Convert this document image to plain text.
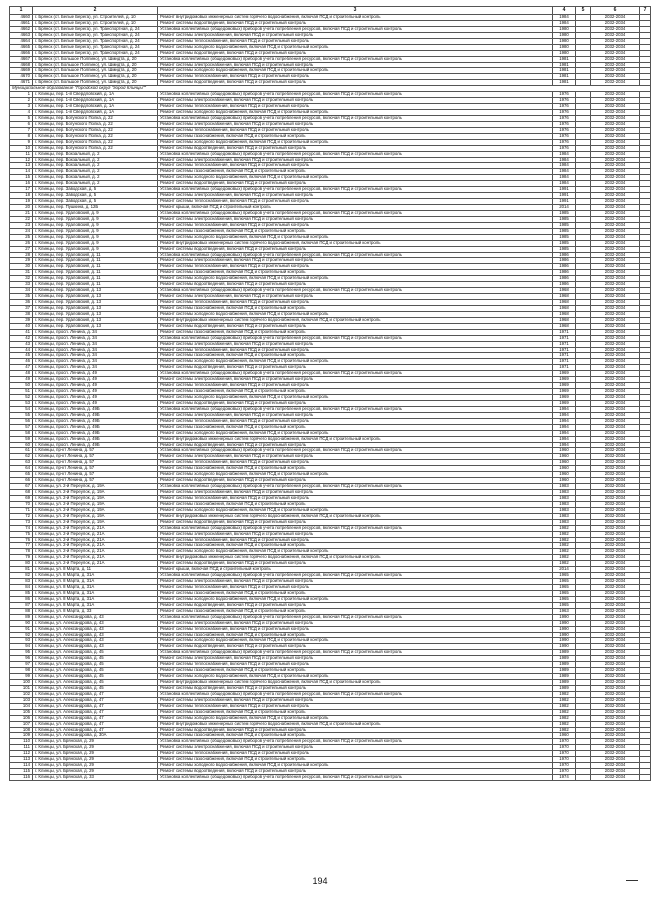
1	2	3	4	5	6	7
4660	г. Брянск (ст. Белые Берега), ул. Строителей, д. 10	Ремонт внутридомовых инженерных систем горячего водоснабжения, включая ПСД и строительный контроль	1984		2032-2034	
4661	г. Брянск (ст. Белые Берега), ул. Строителей, д. 10	Ремонт системы водоотведения, включая ПСД и строительный контроль	1984		2032-2034	
4662	г. Брянск (ст. Белые Берега), ул. Транспортная, д. 24	Установка коллективных (общедомовых) приборов учета потребления ресурсов, включая ПСД и строительный контроль	1980		2032-2034	
4663	г. Брянск (ст. Белые Берега), ул. Транспортная, д. 24	Ремонт системы электроснабжения, включая ПСД и строительный контроль	1980		2032-2034	
4664	г. Брянск (ст. Белые Берега), ул. Транспортная, д. 24	Ремонт системы теплоснабжения, включая ПСД и строительный контроль	1980		2032-2034	
4665	г. Брянск (ст. Белые Берега), ул. Транспортная, д. 24	Ремонт системы холодного водоснабжения, включая ПСД и строительный контроль	1980		2032-2034	
4666	г. Брянск (ст. Белые Берега), ул. Транспортная, д. 24	Ремонт системы водоотведения, включая ПСД и строительный контроль	1980		2032-2034	
4667	г. Брянск (ст. Большое Полпино), ул. Шмидта, д. 20	Установка коллективных (общедомовых) приборов учета потребления ресурсов, включая ПСД и строительный контроль	1981		2032-2034	
4668	г. Брянск (ст. Большое Полпино), ул. Шмидта, д. 20	Ремонт системы электроснабжения, включая ПСД и строительный контроль	1981		2032-2034	
4669	г. Брянск (ст. Большое Полпино), ул. Шмидта, д. 20	Ремонт системы холодного водоснабжения, включая ПСД и строительный контроль	1981		2032-2034	
4670	г. Брянск (ст. Большое Полпино), ул. Шмидта, д. 20	Ремонт системы теплоснабжения, включая ПСД и строительный контроль	1981		2032-2034	
4671	г. Брянск (ст. Большое Полпино), ул. Шмидта, д. 20	Ремонт системы водоотведения, включая ПСД и строительный контроль	1981		2032-2034	
Муниципальное образование "Городской округ "город Клинцы""						
1	г. Клинцы, пер. 1-й Свердловский, д. 1А	Установка коллективных (общедомовых) приборов учета потребления ресурсов, включая ПСД и строительный контроль	1976		2032-2034	
2	г. Клинцы, пер. 1-й Свердловский, д. 1А	Ремонт системы электроснабжения, включая ПСД и строительный контроль	1976		2032-2034	
3	г. Клинцы, пер. 1-й Свердловский, д. 1А	Ремонт системы теплоснабжения, включая ПСД и строительный контроль	1976		2032-2034	
4	г. Клинцы, пер. 1-й Свердловский, д. 1А	Ремонт системы холодного водоснабжения, включая ПСД и строительный контроль	1976		2032-2034	
5	г. Клинцы, пер. Богунского Полка, д. 22	Установка коллективных (общедомовых) приборов учета потребления ресурсов, включая ПСД и строительный контроль	1976		2032-2034	
6	г. Клинцы, пер. Богунского Полка, д. 22	Ремонт системы электроснабжения, включая ПСД и строительный контроль	1976		2032-2034	
7	г. Клинцы, пер. Богунского Полка, д. 22	Ремонт системы теплоснабжения, включая ПСД и строительный контроль	1976		2032-2034	
8	г. Клинцы, пер. Богунского Полка, д. 22	Ремонт системы газоснабжения, включая ПСД и строительный контроль	1976		2032-2034	
9	г. Клинцы, пер. Богунского Полка, д. 22	Ремонт системы холодного водоснабжения, включая ПСД и строительный контроль	1976		2032-2034	
10	г. Клинцы, пер. Богунского Полка, д. 22	Ремонт системы водоотведения, включая ПСД и строительный контроль	1976		2032-2034	
11	г. Клинцы, пер. Вокзальный, д. 2	Установка коллективных (общедомовых) приборов учета потребления ресурсов, включая ПСД и строительный контроль	1984		2032-2034	
12	г. Клинцы, пер. Вокзальный, д. 2	Ремонт системы электроснабжения, включая ПСД и строительный контроль	1984		2032-2034	
13	г. Клинцы, пер. Вокзальный, д. 2	Ремонт системы теплоснабжения, включая ПСД и строительный контроль	1984		2032-2034	
14	г. Клинцы, пер. Вокзальный, д. 2	Ремонт системы газоснабжения, включая ПСД и строительный контроль	1984		2032-2034	
15	г. Клинцы, пер. Вокзальный, д. 2	Ремонт системы холодного водоснабжения, включая ПСД и строительный контроль	1984		2032-2034	
16	г. Клинцы, пер. Вокзальный, д. 2	Ремонт системы водоотведения, включая ПСД и строительный контроль	1984		2032-2034	
17	г. Клинцы, пер. Заводская, д. 5	Установка коллективных (общедомовых) приборов учета потребления ресурсов, включая ПСД и строительный контроль	1991		2032-2034	
18	г. Клинцы, пер. Заводская, д. 5	Ремонт системы электроснабжения, включая ПСД и строительный контроль	1991		2032-2034	
19	г. Клинцы, пер. Заводская, д. 5	Ремонт системы теплоснабжения, включая ПСД и строительный контроль	1991		2032-2034	
20	г. Клинцы, пер. Пушкина, д. 12Б	Ремонт крыши, включая ПСД и строительный контроль	2014		2032-2034	
21	г. Клинцы, пер. Удаловский, д. 9	Установка коллективных (общедомовых) приборов учета потребления ресурсов, включая ПСД и строительный контроль	1985		2032-2034	
22	г. Клинцы, пер. Удаловский, д. 9	Ремонт системы электроснабжения, включая ПСД и строительный контроль	1985		2032-2034	
23	г. Клинцы, пер. Удаловский, д. 9	Ремонт системы теплоснабжения, включая ПСД и строительный контроль	1985		2032-2034	
24	г. Клинцы, пер. Удаловский, д. 9	Ремонт системы газоснабжения, включая ПСД и строительный контроль	1985		2032-2034	
25	г. Клинцы, пер. Удаловский, д. 9	Ремонт системы холодного водоснабжения, включая ПСД и строительный контроль	1985		2032-2034	
26	г. Клинцы, пер. Удаловский, д. 9	Ремонт внутридомовых инженерных систем горячего водоснабжения, включая ПСД и строительный контроль	1985		2032-2034	
27	г. Клинцы, пер. Удаловский, д. 9	Ремонт системы водоотведения, включая ПСД и строительный контроль	1985		2032-2034	
28	г. Клинцы, пер. Удаловский, д. 11	Установка коллективных (общедомовых) приборов учета потребления ресурсов, включая ПСД и строительный контроль	1986		2032-2034	
29	г. Клинцы, пер. Удаловский, д. 11	Ремонт системы электроснабжения, включая ПСД и строительный контроль	1986		2032-2034	
30	г. Клинцы, пер. Удаловский, д. 11	Ремонт системы теплоснабжения, включая ПСД и строительный контроль	1986		2032-2034	
31	г. Клинцы, пер. Удаловский, д. 11	Ремонт системы газоснабжения, включая ПСД и строительный контроль	1986		2032-2034	
32	г. Клинцы, пер. Удаловский, д. 11	Ремонт системы холодного водоснабжения, включая ПСД и строительный контроль	1986		2032-2034	
33	г. Клинцы, пер. Удаловский, д. 11	Ремонт системы водоотведения, включая ПСД и строительный контроль	1986		2032-2034	
34	г. Клинцы, пер. Удаловский, д. 13	Установка коллективных (общедомовых) приборов учета потребления ресурсов, включая ПСД и строительный контроль	1968		2032-2034	
35	г. Клинцы, пер. Удаловский, д. 13	Ремонт системы электроснабжения, включая ПСД и строительный контроль	1968		2032-2034	
36	г. Клинцы, пер. Удаловский, д. 13	Ремонт системы теплоснабжения, включая ПСД и строительный контроль	1968		2032-2034	
37	г. Клинцы, пер. Удаловский, д. 13	Ремонт системы газоснабжения, включая ПСД и строительный контроль	1968		2032-2034	
38	г. Клинцы, пер. Удаловский, д. 13	Ремонт системы холодного водоснабжения, включая ПСД и строительный контроль	1968		2032-2034	
39	г. Клинцы, пер. Удаловский, д. 13	Ремонт внутридомовых инженерных систем горячего водоснабжения, включая ПСД и строительный контроль	1968		2032-2034	
40	г. Клинцы, пер. Удаловский, д. 13	Ремонт системы водоотведения, включая ПСД и строительный контроль	1968		2032-2034	
41	г. Клинцы, просп. Ленина, д. 34	Ремонт системы газоснабжения, включая ПСД и строительный контроль	1971		2032-2034	
42	г. Клинцы, просп. Ленина, д. 34	Установка коллективных (общедомовых) приборов учета потребления ресурсов, включая ПСД и строительный контроль	1971		2032-2034	
43	г. Клинцы, просп. Ленина, д. 34	Ремонт системы электроснабжения, включая ПСД и строительный контроль	1971		2032-2034	
44	г. Клинцы, просп. Ленина, д. 34	Ремонт системы теплоснабжения, включая ПСД и строительный контроль	1971		2032-2034	
45	г. Клинцы, просп. Ленина, д. 34	Ремонт системы газоснабжения, включая ПСД и строительный контроль	1971		2032-2034	
46	г. Клинцы, просп. Ленина, д. 34	Ремонт системы холодного водоснабжения, включая ПСД и строительный контроль	1971		2032-2034	
47	г. Клинцы, просп. Ленина, д. 34	Ремонт системы водоотведения, включая ПСД и строительный контроль	1971		2032-2034	
48	г. Клинцы, просп. Ленина, д. 49	Установка коллективных (общедомовых) приборов учета потребления ресурсов, включая ПСД и строительный контроль	1969		2032-2034	
49	г. Клинцы, просп. Ленина, д. 49	Ремонт системы электроснабжения, включая ПСД и строительный контроль	1969		2032-2034	
50	г. Клинцы, просп. Ленина, д. 49	Ремонт системы теплоснабжения, включая ПСД и строительный контроль	1969		2032-2034	
51	г. Клинцы, просп. Ленина, д. 49	Ремонт системы газоснабжения, включая ПСД и строительный контроль	1969		2032-2034	
52	г. Клинцы, просп. Ленина, д. 49	Ремонт системы холодного водоснабжения, включая ПСД и строительный контроль	1969		2032-2034	
53	г. Клинцы, просп. Ленина, д. 49	Ремонт системы водоотведения, включая ПСД и строительный контроль	1969		2032-2034	
54	г. Клинцы, просп. Ленина, д. 49Б	Установка коллективных (общедомовых) приборов учета потребления ресурсов, включая ПСД и строительный контроль	1994		2032-2034	
55	г. Клинцы, просп. Ленина, д. 49Б	Ремонт системы электроснабжения, включая ПСД и строительный контроль	1994		2032-2034	
56	г. Клинцы, просп. Ленина, д. 49Б	Ремонт системы теплоснабжения, включая ПСД и строительный контроль	1994		2032-2034	
57	г. Клинцы, просп. Ленина, д. 49Б	Ремонт системы газоснабжения, включая ПСД и строительный контроль	1994		2032-2034	
58	г. Клинцы, просп. Ленина, д. 49Б	Ремонт системы холодного водоснабжения, включая ПСД и строительный контроль	1994		2032-2034	
59	г. Клинцы, просп. Ленина, д. 49Б	Ремонт внутридомовых инженерных систем горячего водоснабжения, включая ПСД и строительный контроль	1994		2032-2034	
60	г. Клинцы, просп. Ленина, д. 49Б	Ремонт системы водоотведения, включая ПСД и строительный контроль	1994		2032-2034	
61	г. Клинцы, пр-кт Ленина, д. 57	Установка коллективных (общедомовых) приборов учета потребления ресурсов, включая ПСД и строительный контроль	1960		2032-2034	
62	г. Клинцы, пр-кт Ленина, д. 57	Ремонт системы электроснабжения, включая ПСД и строительный контроль	1960		2032-2034	
63	г. Клинцы, пр-кт Ленина, д. 57	Ремонт системы теплоснабжения, включая ПСД и строительный контроль	1960		2032-2034	
64	г. Клинцы, пр-кт Ленина, д. 57	Ремонт системы газоснабжения, включая ПСД и строительный контроль	1960		2032-2034	
65	г. Клинцы, пр-кт Ленина, д. 57	Ремонт системы холодного водоснабжения, включая ПСД и строительный контроль	1960		2032-2034	
66	г. Клинцы, пр-кт Ленина, д. 57	Ремонт системы водоотведения, включая ПСД и строительный контроль	1960		2032-2034	
67	г. Клинцы, ул. 2-й Переулок, д. 19А	Установка коллективных (общедомовых) приборов учета потребления ресурсов, включая ПСД и строительный контроль	1983		2032-2034	
68	г. Клинцы, ул. 2-й Переулок, д. 19А	Ремонт системы электроснабжения, включая ПСД и строительный контроль	1983		2032-2034	
69	г. Клинцы, ул. 2-й Переулок, д. 19А	Ремонт системы теплоснабжения, включая ПСД и строительный контроль	1983		2032-2034	
70	г. Клинцы, ул. 2-й Переулок, д. 19А	Ремонт системы газоснабжения, включая ПСД и строительный контроль	1983		2032-2034	
71	г. Клинцы, ул. 2-й Переулок, д. 19А	Ремонт системы холодного водоснабжения, включая ПСД и строительный контроль	1983		2032-2034	
72	г. Клинцы, ул. 2-й Переулок, д. 19А	Ремонт внутридомовых инженерных систем горячего водоснабжения, включая ПСД и строительный контроль	1983		2032-2034	
73	г. Клинцы, ул. 2-й Переулок, д. 19А	Ремонт системы водоотведения, включая ПСД и строительный контроль	1983		2032-2034	
74	г. Клинцы, ул. 2-й Переулок, д. 21А	Установка коллективных (общедомовых) приборов учета потребления ресурсов, включая ПСД и строительный контроль	1982		2032-2034	
75	г. Клинцы, ул. 2-й Переулок, д. 21А	Ремонт системы электроснабжения, включая ПСД и строительный контроль	1982		2032-2034	
76	г. Клинцы, ул. 2-й Переулок, д. 21А	Ремонт системы теплоснабжения, включая ПСД и строительный контроль	1982		2032-2034	
77	г. Клинцы, ул. 2-й Переулок, д. 21А	Ремонт системы газоснабжения, включая ПСД и строительный контроль	1982		2032-2034	
78	г. Клинцы, ул. 2-й Переулок, д. 21А	Ремонт системы холодного водоснабжения, включая ПСД и строительный контроль	1982		2032-2034	
79	г. Клинцы, ул. 2-й Переулок, д. 21А	Ремонт внутридомовых инженерных систем горячего водоснабжения, включая ПСД и строительный контроль	1982		2032-2034	
80	г. Клинцы, ул. 2-й Переулок, д. 21А	Ремонт системы водоотведения, включая ПСД и строительный контроль	1982		2032-2034	
81	г. Клинцы, ул. 8 Марта, д. 11	Ремонт крыши, включая ПСД и строительный контроль	2014		2032-2034	
82	г. Клинцы, ул. 8 Марта, д. 31А	Установка коллективных (общедомовых) приборов учета потребления ресурсов, включая ПСД и строительный контроль	1965		2032-2034	
83	г. Клинцы, ул. 8 Марта, д. 31А	Ремонт системы электроснабжения, включая ПСД и строительный контроль	1965		2032-2034	
84	г. Клинцы, ул. 8 Марта, д. 31А	Ремонт системы теплоснабжения, включая ПСД и строительный контроль	1965		2032-2034	
85	г. Клинцы, ул. 8 Марта, д. 31А	Ремонт системы газоснабжения, включая ПСД и строительный контроль	1965		2032-2034	
86	г. Клинцы, ул. 8 Марта, д. 31А	Ремонт системы холодного водоснабжения, включая ПСД и строительный контроль	1965		2032-2034	
87	г. Клинцы, ул. 8 Марта, д. 31А	Ремонт системы водоотведения, включая ПСД и строительный контроль	1965		2032-2034	
88	г. Клинцы, ул. 8 Марта, д. 33	Ремонт системы газоснабжения, включая ПСД и строительный контроль	1963		2032-2034	
89	г. Клинцы, ул. Александрова, д. 43	Установка коллективных (общедомовых) приборов учета потребления ресурсов, включая ПСД и строительный контроль	1990		2032-2034	
90	г. Клинцы, ул. Александрова, д. 43	Ремонт системы электроснабжения, включая ПСД и строительный контроль	1990		2032-2034	
91	г. Клинцы, ул. Александрова, д. 43	Ремонт системы теплоснабжения, включая ПСД и строительный контроль	1990		2032-2034	
92	г. Клинцы, ул. Александрова, д. 43	Ремонт системы газоснабжения, включая ПСД и строительный контроль	1990		2032-2034	
93	г. Клинцы, ул. Александрова, д. 43	Ремонт системы холодного водоснабжения, включая ПСД и строительный контроль	1990		2032-2034	
94	г. Клинцы, ул. Александрова, д. 43	Ремонт системы водоотведения, включая ПСД и строительный контроль	1990		2032-2034	
95	г. Клинцы, ул. Александрова, д. 45	Установка коллективных (общедомовых) приборов учета потребления ресурсов, включая ПСД и строительный контроль	1989		2032-2034	
96	г. Клинцы, ул. Александрова, д. 45	Ремонт системы электроснабжения, включая ПСД и строительный контроль	1989		2032-2034	
97	г. Клинцы, ул. Александрова, д. 45	Ремонт системы теплоснабжения, включая ПСД и строительный контроль	1989		2032-2034	
98	г. Клинцы, ул. Александрова, д. 45	Ремонт системы газоснабжения, включая ПСД и строительный контроль	1989		2032-2034	
99	г. Клинцы, ул. Александрова, д. 45	Ремонт системы холодного водоснабжения, включая ПСД и строительный контроль	1989		2032-2034	
100	г. Клинцы, ул. Александрова, д. 45	Ремонт внутридомовых инженерных систем горячего водоснабжения, включая ПСД и строительный контроль	1989		2032-2034	
101	г. Клинцы, ул. Александрова, д. 45	Ремонт системы водоотведения, включая ПСД и строительный контроль	1989		2032-2034	
102	г. Клинцы, ул. Александрова, д. 47	Установка коллективных (общедомовых) приборов учета потребления ресурсов, включая ПСД и строительный контроль	1982		2032-2034	
103	г. Клинцы, ул. Александрова, д. 47	Ремонт системы электроснабжения, включая ПСД и строительный контроль	1982		2032-2034	
104	г. Клинцы, ул. Александрова, д. 47	Ремонт системы теплоснабжения, включая ПСД и строительный контроль	1982		2032-2034	
105	г. Клинцы, ул. Александрова, д. 47	Ремонт системы газоснабжения, включая ПСД и строительный контроль	1982		2032-2034	
106	г. Клинцы, ул. Александрова, д. 47	Ремонт системы холодного водоснабжения, включая ПСД и строительный контроль	1982		2032-2034	
107	г. Клинцы, ул. Александрова, д. 47	Ремонт внутридомовых инженерных систем горячего водоснабжения, включая ПСД и строительный контроль	1982		2032-2034	
108	г. Клинцы, ул. Александрова, д. 47	Ремонт системы водоотведения, включая ПСД и строительный контроль	1982		2032-2034	
109	г. Клинцы, ул. Александрова, д. 30А	Ремонт системы газоснабжения, включая ПСД и строительный контроль	1960		2032-2034	
110	г. Клинцы, ул. Брянская, д. 29	Установка коллективных (общедомовых) приборов учета потребления ресурсов, включая ПСД и строительный контроль	1970		2032-2034	
111	г. Клинцы, ул. Брянская, д. 29	Ремонт системы электроснабжения, включая ПСД и строительный контроль	1970		2032-2034	
112	г. Клинцы, ул. Брянская, д. 29	Ремонт системы теплоснабжения, включая ПСД и строительный контроль	1970		2032-2034	
113	г. Клинцы, ул. Брянская, д. 29	Ремонт системы газоснабжения, включая ПСД и строительный контроль	1970		2032-2034	
114	г. Клинцы, ул. Брянская, д. 29	Ремонт системы холодного водоснабжения, включая ПСД и строительный контроль	1970		2032-2034	
115	г. Клинцы, ул. Брянская, д. 29	Ремонт системы водоотведения, включая ПСД и строительный контроль	1970		2032-2034	
116	г. Клинцы, ул. Брянская, д. 33	Установка коллективных (общедомовых) приборов учета потребления ресурсов, включая ПСД и строительный контроль	1974		2032-2034	
194
